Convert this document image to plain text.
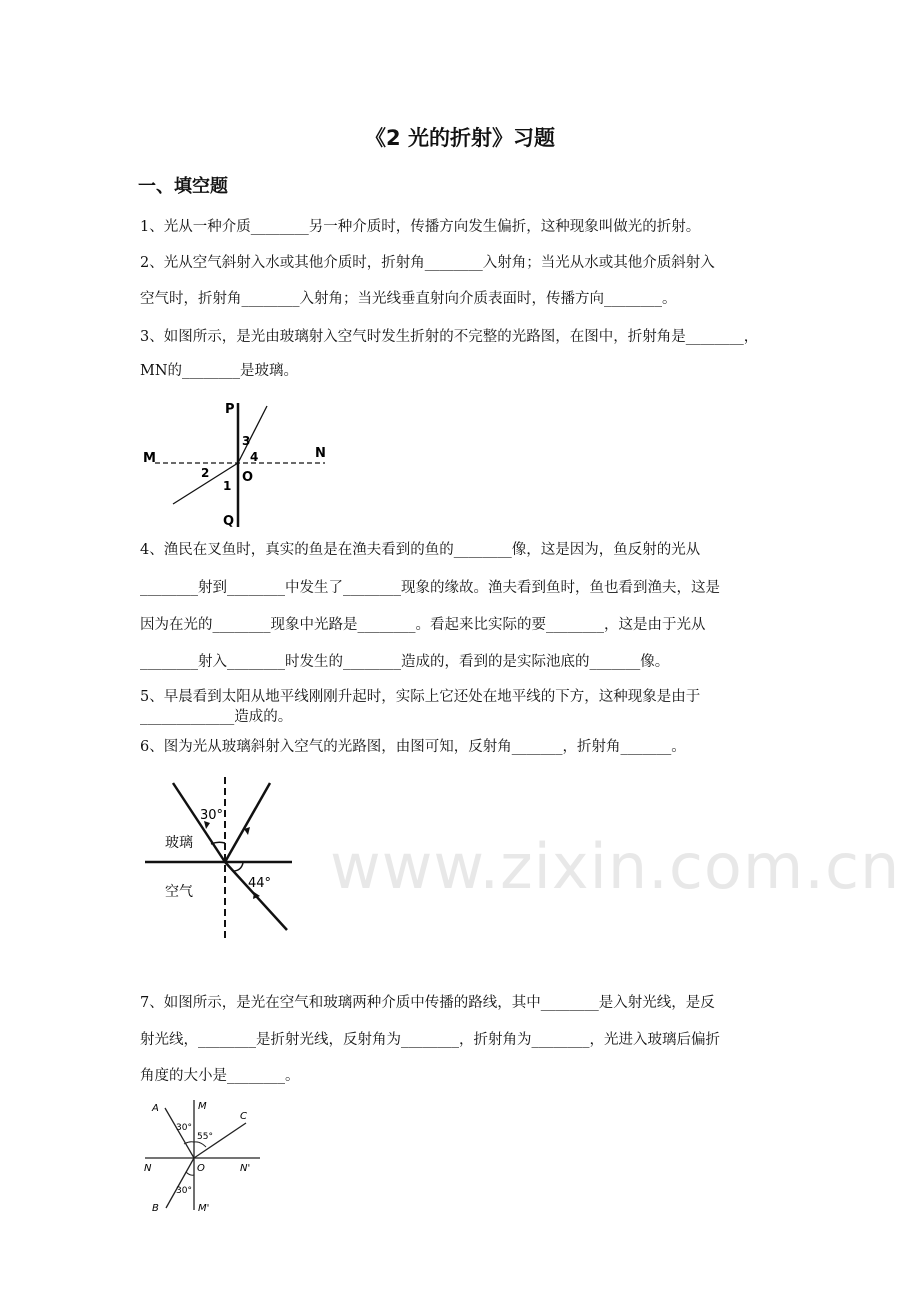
www.zixin.com.cn
《2 光的折射》习题
一、填空题
1、光从一种介质________另一种介质时，传播方向发生偏折，这种现象叫做光的折射。
2、光从空气斜射入水或其他介质时，折射角________入射角；当光从水或其他介质斜射入
空气时，折射角________入射角；当光线垂直射向介质表面时，传播方向________。
3、如图所示，是光由玻璃射入空气时发生折射的不完整的光路图，在图中，折射角是________，
MN的________是玻璃。
P
M	N
O
Q
1
2
3
4
4、渔民在叉鱼时，真实的鱼是在渔夫看到的鱼的________像，这是因为，鱼反射的光从
________射到________中发生了________现象的缘故。渔夫看到鱼时，鱼也看到渔夫，这是
因为在光的________现象中光路是________。看起来比实际的要________，这是由于光从
________射入________时发生的________造成的，看到的是实际池底的_______像。
5、早晨看到太阳从地平线刚刚升起时，实际上它还处在地平线的下方，这种现象是由于
_____________造成的。
6、图为光从玻璃斜射入空气的光路图，由图可知，反射角_______，折射角_______。
30°
玻璃
空气
44°
7、如图所示，是光在空气和玻璃两种介质中传播的路线，其中________是入射光线，是反
射光线，________是折射光线，反射角为________，折射角为________，光进入玻璃后偏折
角度的大小是________。
A	M
C
30°
55°
N	O	N'
B
30°
M'
